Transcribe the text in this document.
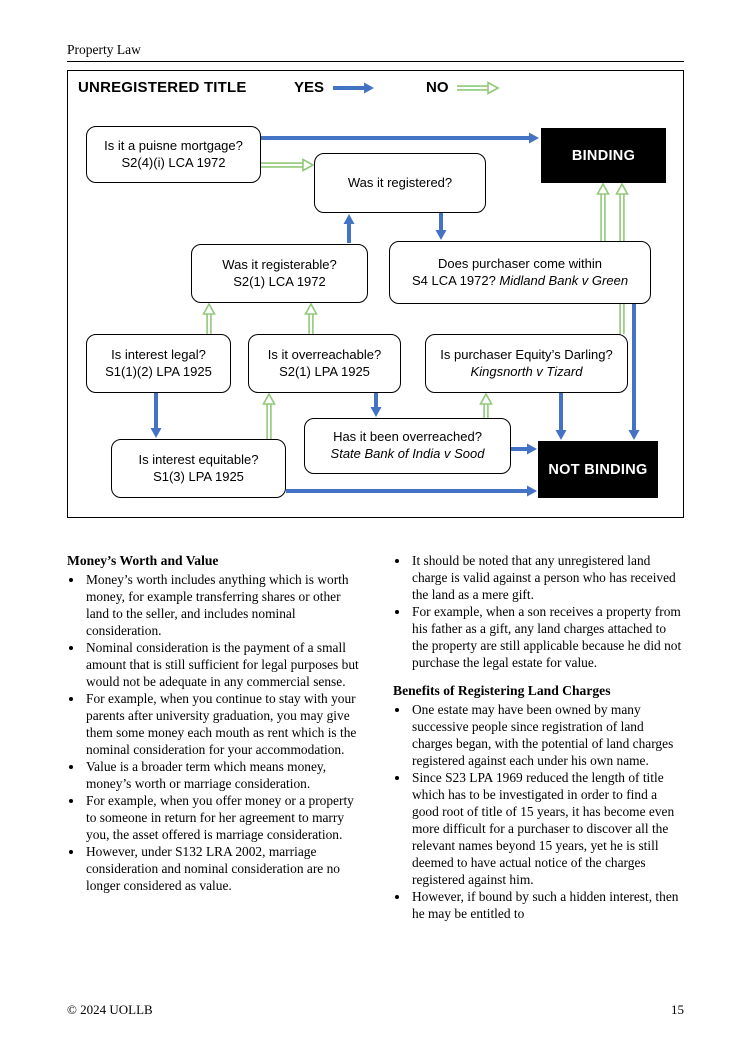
Property Law
UNREGISTERED TITLE	YES	NO
Is it a puisne mortgage?
S2(4)(i) LCA 1972	BINDING
Was it registered?
Was it registerable?
S2(1) LCA 1972
Does purchaser come within
S4 LCA 1972? Midland Bank v Green
Is interest legal?
S1(1)(2) LPA 1925
Is it overreachable?
S2(1) LPA 1925
Is purchaser Equity’s Darling?
Kingsnorth v Tizard
Has it been overreached?
State Bank of India v Sood
Is interest equitable?
S1(3) LPA 1925	NOT BINDING
Money’s Worth and Value
• Money’s worth includes anything which is worth money, for example transferring shares or other land to the seller, and includes nominal consideration.
• Nominal consideration is the payment of a small amount that is still sufficient for legal purposes but would not be adequate in any commercial sense.
• For example, when you continue to stay with your parents after university graduation, you may give them some money each mouth as rent which is the nominal consideration for your accommodation.
• Value is a broader term which means money, money’s worth or marriage consideration.
• For example, when you offer money or a property to someone in return for her agreement to marry you, the asset offered is marriage consideration.
• However, under S132 LRA 2002, marriage consideration and nominal consideration are no longer considered as value.
• It should be noted that any unregistered land charge is valid against a person who has received the land as a mere gift.
• For example, when a son receives a property from his father as a gift, any land charges attached to the property are still applicable because he did not purchase the legal estate for value.
Benefits of Registering Land Charges
• One estate may have been owned by many successive people since registration of land charges began, with the potential of land charges registered against each under his own name.
• Since S23 LPA 1969 reduced the length of title which has to be investigated in order to find a good root of title of 15 years, it has become even more difficult for a purchaser to discover all the relevant names beyond 15 years, yet he is still deemed to have actual notice of the charges registered against him.
• However, if bound by such a hidden interest, then he may be entitled to
© 2024 UOLLB	15
